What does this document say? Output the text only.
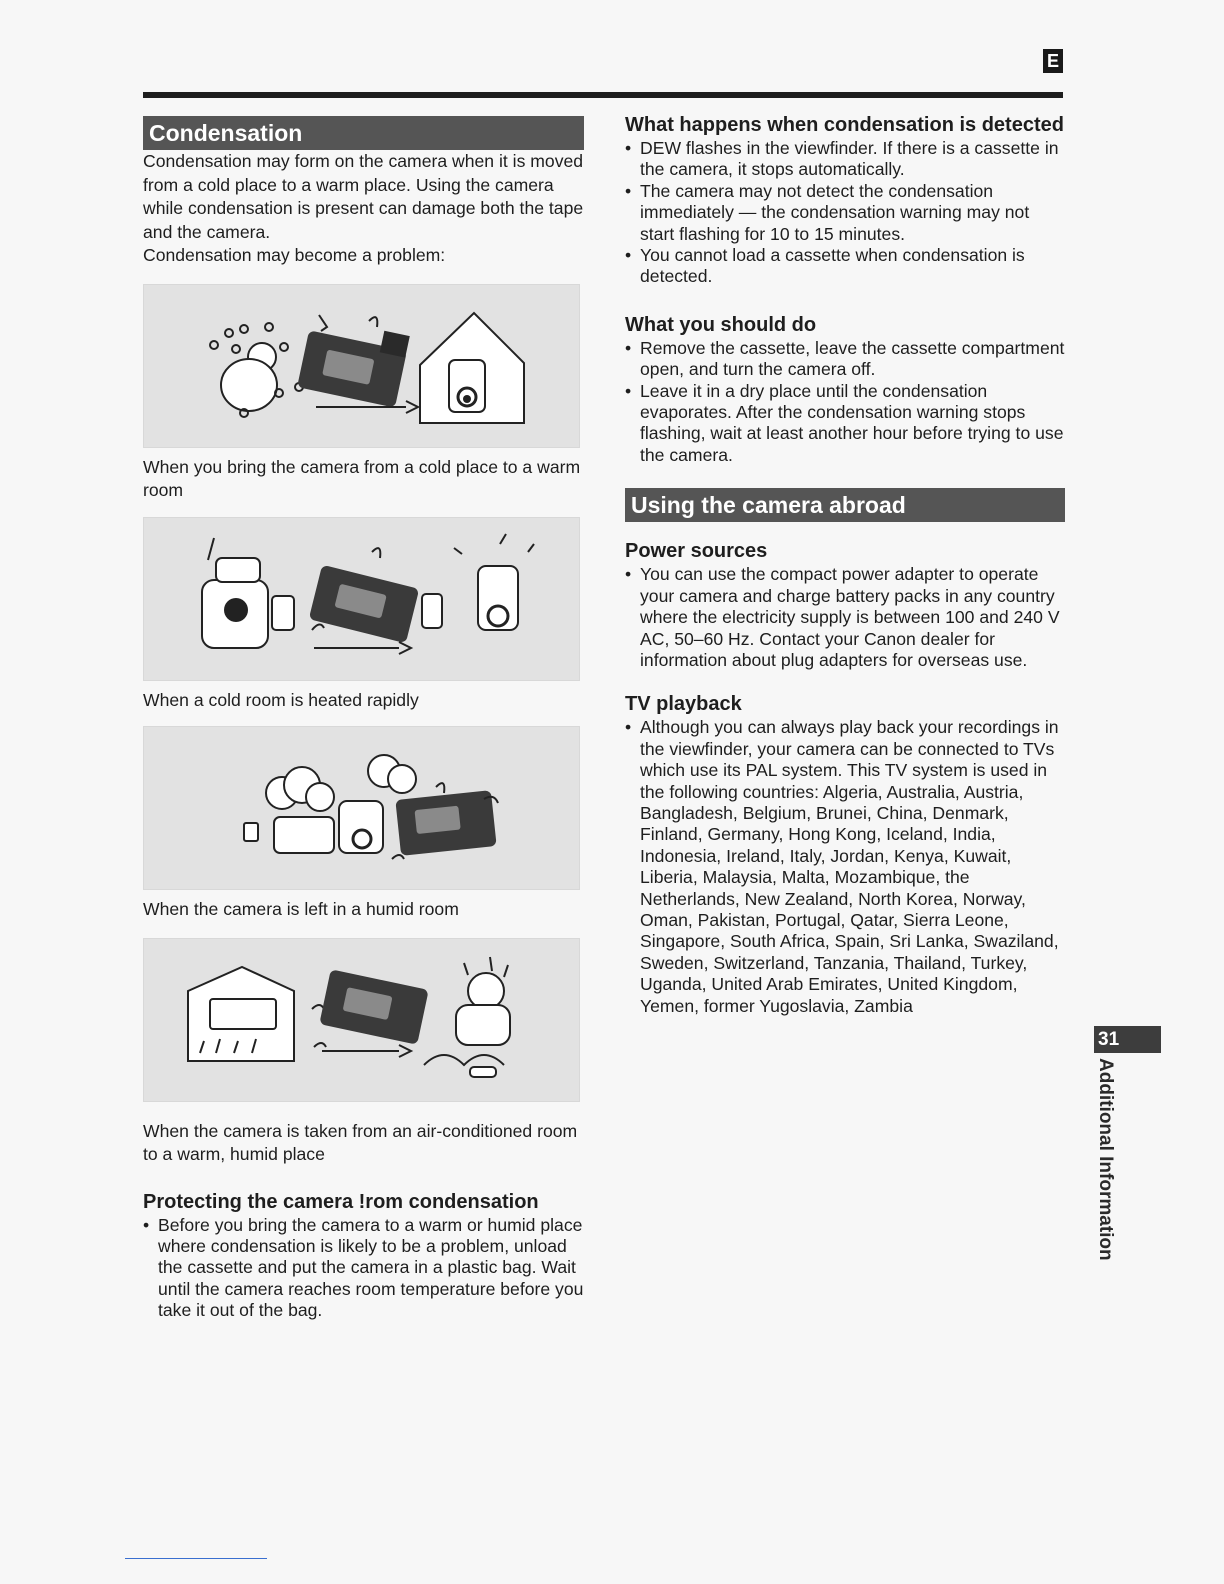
E
Condensation

Condensation may form on the camera when it is moved from a cold place to a warm place. Using the camera while condensation is present can damage both the tape and the camera.

Condensation may become a problem:

When you bring the camera from a cold place to a warm room

When a cold room is heated rapidly

When the camera is left in a humid room

When the camera is taken from an air-conditioned room to a warm, humid place

Protecting the camera !rom condensation
• Before you bring the camera to a warm or humid place where condensation is likely to be a problem, unload the cassette and put the camera in a plastic bag. Wait until the camera reaches room temperature before you take it out of the bag.
What happens when condensation is detected
• DEW flashes in the viewfinder. If there is a cassette in the camera, it stops automatically.
• The camera may not detect the condensation immediately — the condensation warning may not start flashing for 10 to 15 minutes.
• You cannot load a cassette when condensation is detected.
What you should do
• Remove the cassette, leave the cassette compartment open, and turn the camera off.
• Leave it in a dry place until the condensation evaporates. After the condensation warning stops flashing, wait at least another hour before trying to use the camera.
Using the camera abroad
Power sources
• You can use the compact power adapter to operate your camera and charge battery packs in any country where the electricity supply is between 100 and 240 V AC, 50–60 Hz. Contact your Canon dealer for information about plug adapters for overseas use.
TV playback
• Although you can always play back your recordings in the viewfinder, your camera can be connected to TVs which use its PAL system. This TV system is used in the following countries: Algeria, Australia, Austria, Bangladesh, Belgium, Brunei, China, Denmark, Finland, Germany, Hong Kong, Iceland, India, Indonesia, Ireland, Italy, Jordan, Kenya, Kuwait, Liberia, Malaysia, Malta, Mozambique, the Netherlands, New Zealand, North Korea, Norway, Oman, Pakistan, Portugal, Qatar, Sierra Leone, Singapore, South Africa, Spain, Sri Lanka, Swaziland, Sweden, Switzerland, Tanzania, Thailand, Turkey, Uganda, United Arab Emirates, United Kingdom, Yemen, former Yugoslavia, Zambia
31
Additional Information
